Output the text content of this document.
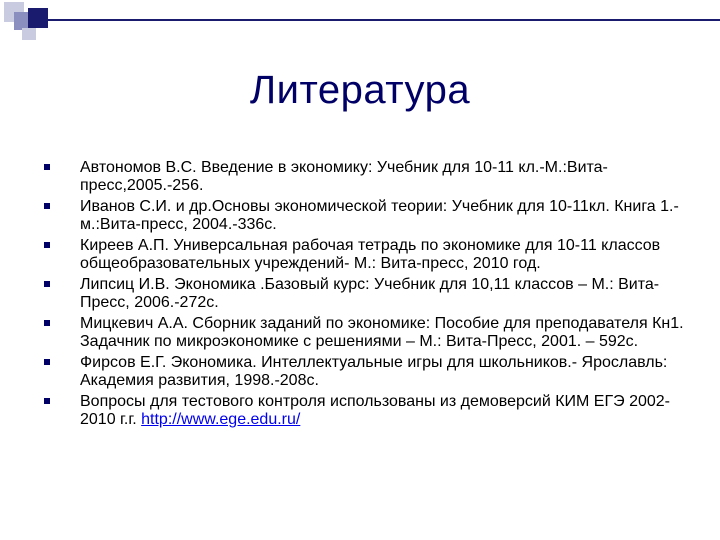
Литература
Автономов В.С. Введение в экономику: Учебник для 10-11 кл.-М.:Вита-пресс,2005.-256.
Иванов С.И. и др.Основы экономической теории: Учебник для 10-11кл. Книга 1.-м.:Вита-пресс, 2004.-336с.
Киреев А.П. Универсальная рабочая тетрадь по экономике для 10-11 классов общеобразовательных учреждений- М.: Вита-пресс, 2010 год.
Липсиц И.В. Экономика .Базовый курс: Учебник для 10,11 классов – М.: Вита-Пресс, 2006.-272с.
Мицкевич А.А. Сборник заданий по экономике: Пособие для преподавателя Кн1. Задачник по микроэкономике с решениями – М.: Вита-Пресс, 2001. – 592с.
Фирсов Е.Г. Экономика. Интеллектуальные игры для школьников.- Ярославль: Академия развития, 1998.-208с.
Вопросы для тестового контроля использованы из демоверсий КИМ ЕГЭ 2002-2010 г.г. http://www.ege.edu.ru/
